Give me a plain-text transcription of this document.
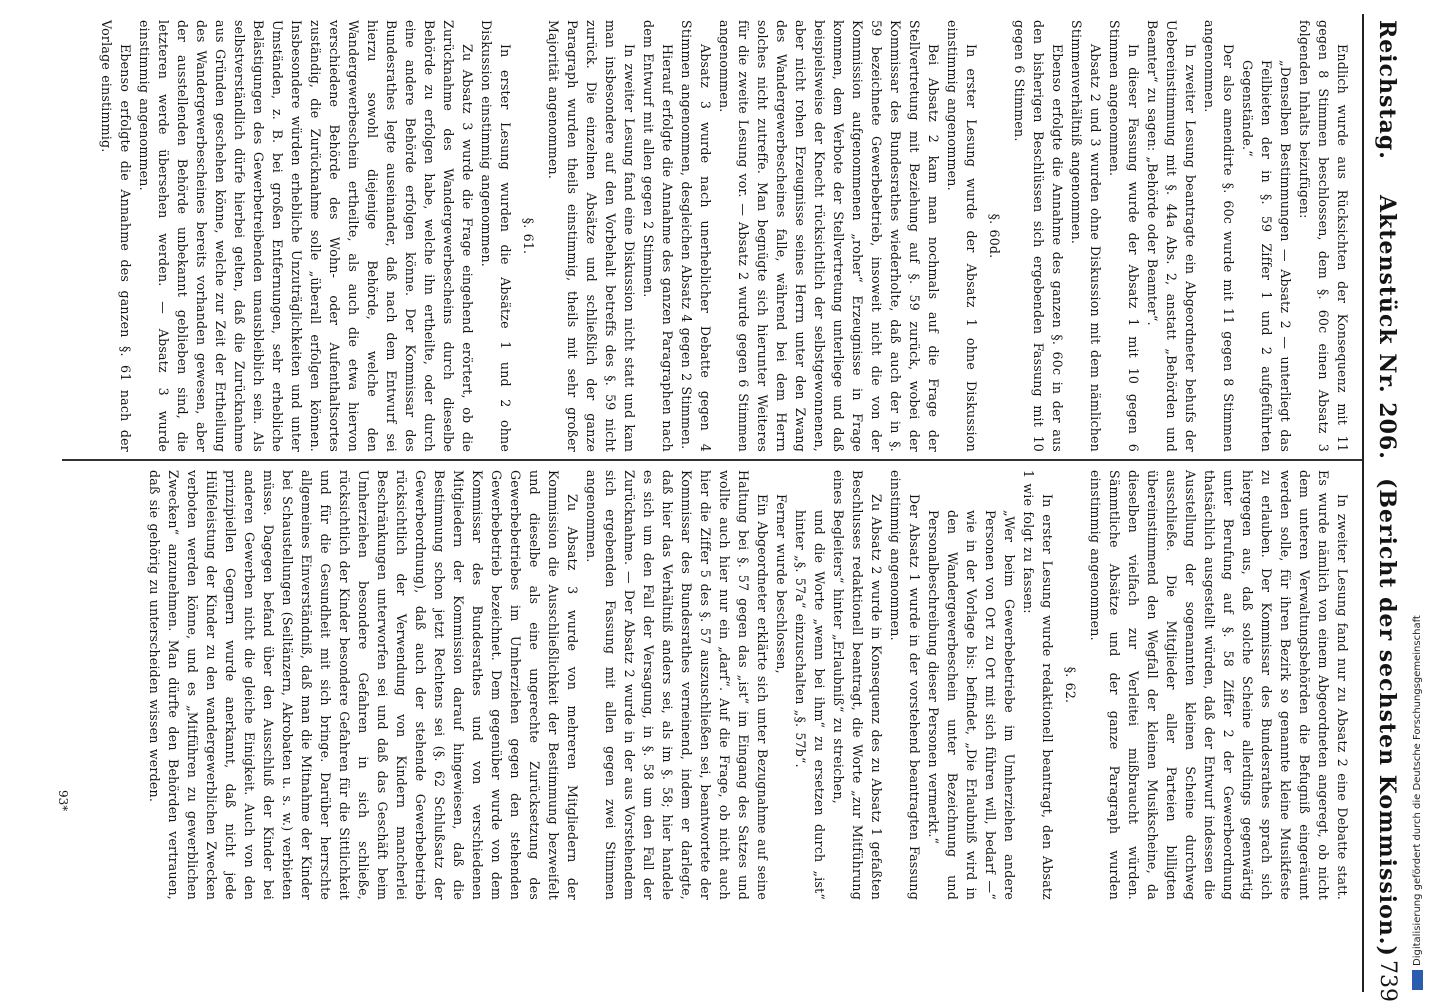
Reichstag.
Aktenstück Nr. 206.
(Bericht der sechsten Kommission.)
739

Endlich wurde aus Rücksichten der Konsequenz mit 11 gegen 8 Stimmen beschlossen, dem §. 60c einen Absatz 3 folgenden Inhalts beizufügen:

„Denselben Bestimmungen — Absatz 2 — unterliegt das Feilbieten der in §. 59 Ziffer 1 und 2 aufgeführten Gegenstände.“

Der also amendirte §. 60c wurde mit 11 gegen 8 Stimmen angenommen.

In zweiter Lesung beantragte ein Abgeordneter behufs der Uebereinstimmung mit §. 44a Abs. 2, anstatt „Behörden und Beamter“ zu sagen: „Behörde oder Beamter“.

In dieser Fassung wurde der Absatz 1 mit 10 gegen 6 Stimmen angenommen.

Absatz 2 und 3 wurden ohne Diskussion mit dem nämlichen Stimmenverhältniß angenommen.

Ebenso erfolgte die Annahme des ganzen §. 60c in der aus den bisherigen Beschlüssen sich ergebenden Fassung mit 10 gegen 6 Stimmen.

§. 60d.

In erster Lesung wurde der Absatz 1 ohne Diskussion einstimmig angenommen.

Bei Absatz 2 kam man nochmals auf die Frage der Stellvertretung mit Beziehung auf §. 59 zurück, wobei der Kommissar des Bundesrathes wiederholte, daß auch der in §. 59 bezeichnete Gewerbebetrieb, insoweit nicht die von der Kommission aufgenommenen „roher“ Erzeugnisse in Frage kommen, dem Verbote der Stellvertretung unterliege und daß beispielsweise der Knecht rücksichtlich der selbstgewonnenen, aber nicht rohen Erzeugnisse seines Herrn unter den Zwang des Wandergewerbescheines falle, während bei dem Herrn solches nicht zutreffe. Man begnügte sich hierunter Weiteres für die zweite Lesung vor. — Absatz 2 wurde gegen 6 Stimmen angenommen.

Absatz 3 wurde nach unerheblicher Debatte gegen 4 Stimmen angenommen, desgleichen Absatz 4 gegen 2 Stimmen.

Hierauf erfolgte die Annahme des ganzen Paragraphen nach dem Entwurf mit allen gegen 2 Stimmen.

In zweiter Lesung fand eine Diskussion nicht statt und kam man insbesondere auf den Vorbehalt betreffs des §. 59 nicht zurück. Die einzelnen Absätze und schließlich der ganze Paragraph wurden theils einstimmig, theils mit sehr großer Majorität angenommen.

§. 61.

In erster Lesung wurden die Absätze 1 und 2 ohne Diskussion einstimmig angenommen.

Zu Absatz 3 wurde die Frage eingehend erörtert, ob die Zurücknahme des Wandergewerbescheins durch dieselbe Behörde zu erfolgen habe, welche ihn ertheilte, oder durch eine andere Behörde erfolgen könne. Der Kommissar des Bundesrathes legte auseinander, daß nach dem Entwurf sei hierzu sowohl diejenige Behörde, welche den Wandergewerbeschein ertheilte, als auch die etwa hiervon verschiedene Behörde des Wohn- oder Aufenthaltsortes zuständig, die Zurücknahme solle „überall erfolgen können. Insbesondere würden erhebliche Unzuträglichkeiten und unter Umständen, z. B. bei großen Entfernungen, sehr erhebliche Belästigungen des Gewerbetreibenden unausbleiblich sein. Als selbstverständlich dürfe hierbei gelten, daß die Zurücknahme aus Gründen geschehen könne, welche zur Zeit der Ertheilung des Wandergewerbescheines bereits vorhanden gewesen, aber der ausstellenden Behörde unbekannt geblieben sind, die letzteren werde übersehen werden. — Absatz 3 wurde einstimmig angenommen.

Ebenso erfolgte die Annahme des ganzen §. 61 nach der Vorlage einstimmig.

In zweiter Lesung fand nur zu Absatz 2 eine Debatte statt. Es wurde nämlich von einem Abgeordneten angeregt, ob nicht dem unteren Verwaltungsbehörden die Befugniß eingeräumt werden solle, für ihren Bezirk so genannte kleine Musikfeste zu erlauben. Der Kommissar des Bundesrathes sprach sich hiergegen aus, daß solche Scheine allerdings gegenwärtig unter Berufung auf §. 58 Ziffer 2 der Gewerbeordnung thatsächlich ausgestellt würden, daß der Entwurf indessen die Ausstellung der sogenannten kleinen Scheine durchweg ausschließe. Die Mitglieder aller Parteien billigten übereinstimmend den Wegfall der kleinen Musikscheine, da dieselben vielfach zur Verleitei mißbraucht würden. Sämmtliche Absätze und der ganze Paragraph wurden einstimmig angenommen.

§. 62.

In erster Lesung wurde redaktionell beantragt, den Absatz 1 wie folgt zu fassen:

„Wer beim Gewerbebetriebe im Umherziehen andere Personen von Ort zu Ort mit sich führen will, bedarf —“ wie in der Vorlage bis: befindet, „Die Erlaubniß wird in den Wandergewerbeschein unter Bezeichnung und Personalbeschreibung dieser Personen vermerkt.“

Der Absatz 1 wurde in der vorstehend beantragten Fassung einstimmig angenommen.

Zu Absatz 2 wurde in Konsequenz des zu Absatz 1 gefaßten Beschlusses redaktionell beantragt, die Worte „zur Mitführung eines Begleiters“ hinter „Erlaubniß“ zu streichen,

und die Worte „wenn bei ihm“ zu ersetzen durch „ist“ hinter „§. 57a“ einzuschalten „§. 57b“.

Ferner wurde beschlossen,

Ein Abgeordneter erklärte sich unter Bezugnahme auf seine Haltung bei §. 57 gegen das „ist“ im Eingang des Satzes und wollte auch hier nur ein „darf“. Auf die Frage, ob nicht auch hier die Ziffer 5 des §. 57 auszuschließen sei, beantwortete der Kommissar des Bundesrathes verneinend, indem er darlegte, daß hier das Verhältniß anders sei, als im §. 58; hier handele es sich um den Fall der Versagung, in §. 58 um den Fall der Zurücknahme. — Der Absatz 2 wurde in der aus Vorstehendem sich ergebenden Fassung mit allen gegen zwei Stimmen angenommen.

Zu Absatz 3 wurde von mehreren Mitgliedern der Kommission die Ausschließlichkeit der Bestimmung bezweifelt und dieselbe als eine ungerechte Zurücksetzung des Gewerbebetriebes im Umherziehen gegen den stehenden Gewerbebetrieb bezeichnet. Dem gegenüber wurde von dem Kommissar des Bundesrathes und von verschiedenen Mitgliedern der Kommission darauf hingewiesen, daß die Bestimmung schon jetzt Rechtens sei (§. 62 Schlußsatz der Gewerbeordnung), daß auch der stehende Gewerbebetrieb rücksichtlich der Verwendung von Kindern mancherlei Beschränkungen unterworfen sei und daß das Geschäft beim Umherziehen besondere Gefahren in sich schließe, rücksichtlich der Kinder besondere Gefahren für die Sittlichkeit und für die Gesundheit mit sich bringe. Darüber herrschte allgemeines Einverständniß, daß man die Mitnahme der Kinder bei Schaustellungen (Seiltänzern, Akrobaten u. s. w.) verbieten müsse. Dagegen befand über den Ausschluß der Kinder bei anderen Gewerben nicht die gleiche Einigkeit. Auch von den prinzipiellen Gegnern wurde anerkannt, daß nicht jede Hülfeleistung der Kinder zu den wandergewerblichen Zwecken verboten werden könne, und es „Mitführen zu gewerblichen Zwecken“ anzunehmen. Man dürfte den Behörden vertrauen, daß sie gehörig zu unterscheiden wissen werden.

93*	Digitalisierung gefördert durch die Deutsche Forschungsgemeinschaft
